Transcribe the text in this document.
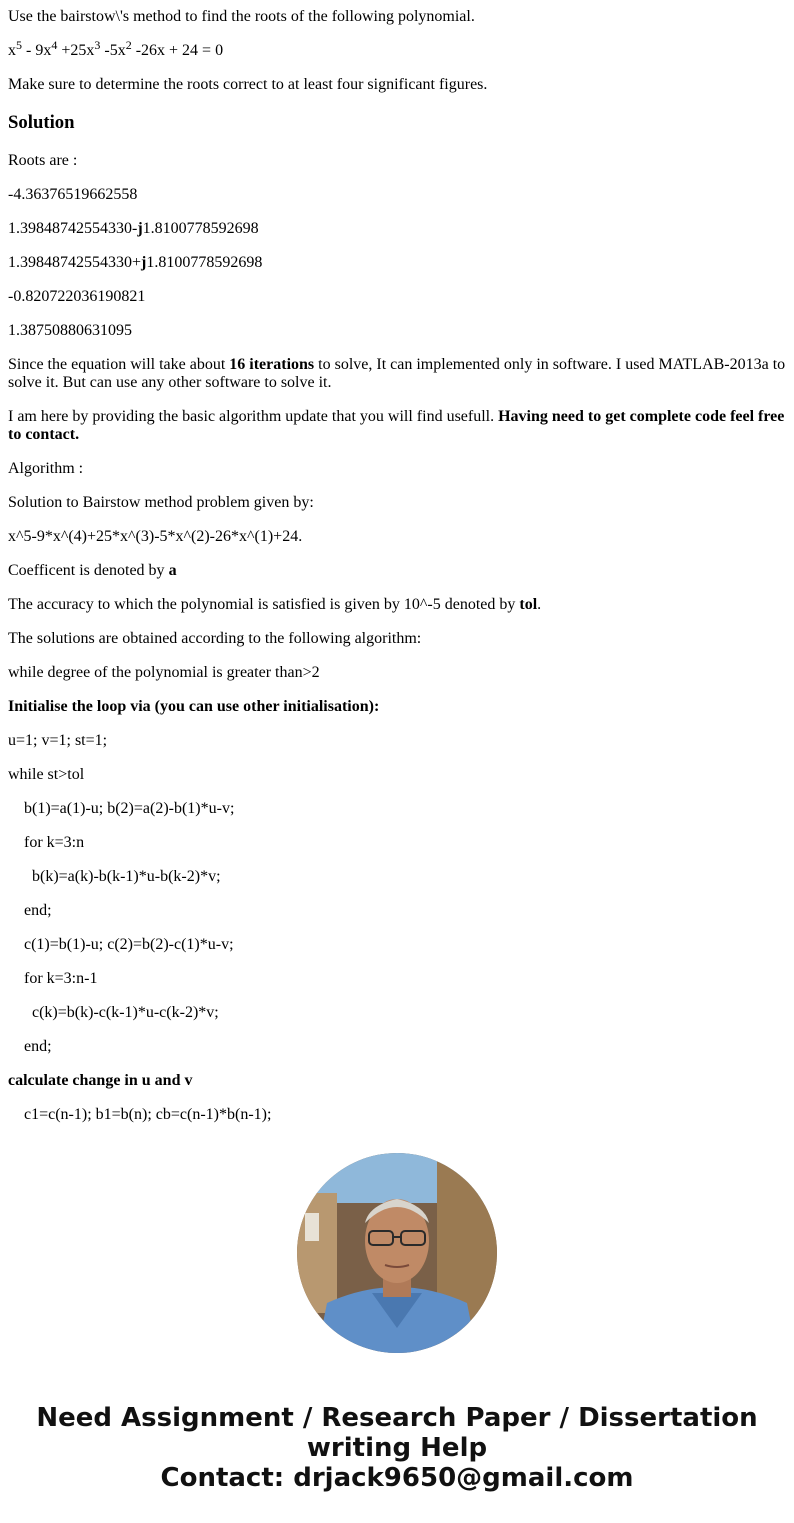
Use the bairstow\'s method to find the roots of the following polynomial.

$x^5 - 9x^4 +25x^3$ $-5x^2$ -26x + 24 = 0

Make sure to determine the roots correct to at least four significant figures.

Solution

Roots are :

-4.36376519662558

1.39848742554330-j1.8100778592698

1.39848742554330+j1.8100778592698

-0.820722036190821

1.38750880631095

Since the equation will take about 16 iterations to solve, It can implemented only in software. I used MATLAB-2013a to solve it. But can use any other software to solve it.

I am here by providing the basic algorithm update that you will find usefull. Having need to get complete code feel free to contact.

Algorithm :

Solution to Bairstow method problem given by:

x^5-9*x^(4)+25*x^(3)-5*x^(2)-26*x^(1)+24.

Coefficent is denoted by a

The accuracy to which the polynomial is satisfied is given by 10^-5 denoted by tol.

The solutions are obtained according to the following algorithm:

while degree of the polynomial is greater than>2

Initialise the loop via (you can use other initialisation):

u=1; v=1; st=1;

while st>tol

b(1)=a(1)-u; b(2)=a(2)-b(1)*u-v;

for k=3:n

b(k)=a(k)-b(k-1)*u-b(k-2)*v;

end;

c(1)=b(1)-u; c(2)=b(2)-c(1)*u-v;

for k=3:n-1

c(k)=b(k)-c(k-1)*u-c(k-2)*v;

end;

calculate change in u and v

c1=c(n-1); b1=b(n); cb=c(n-1)*b(n-1);

Need Assignment / Research Paper / Dissertation
writing Help
Contact: drjack9650@gmail.com
